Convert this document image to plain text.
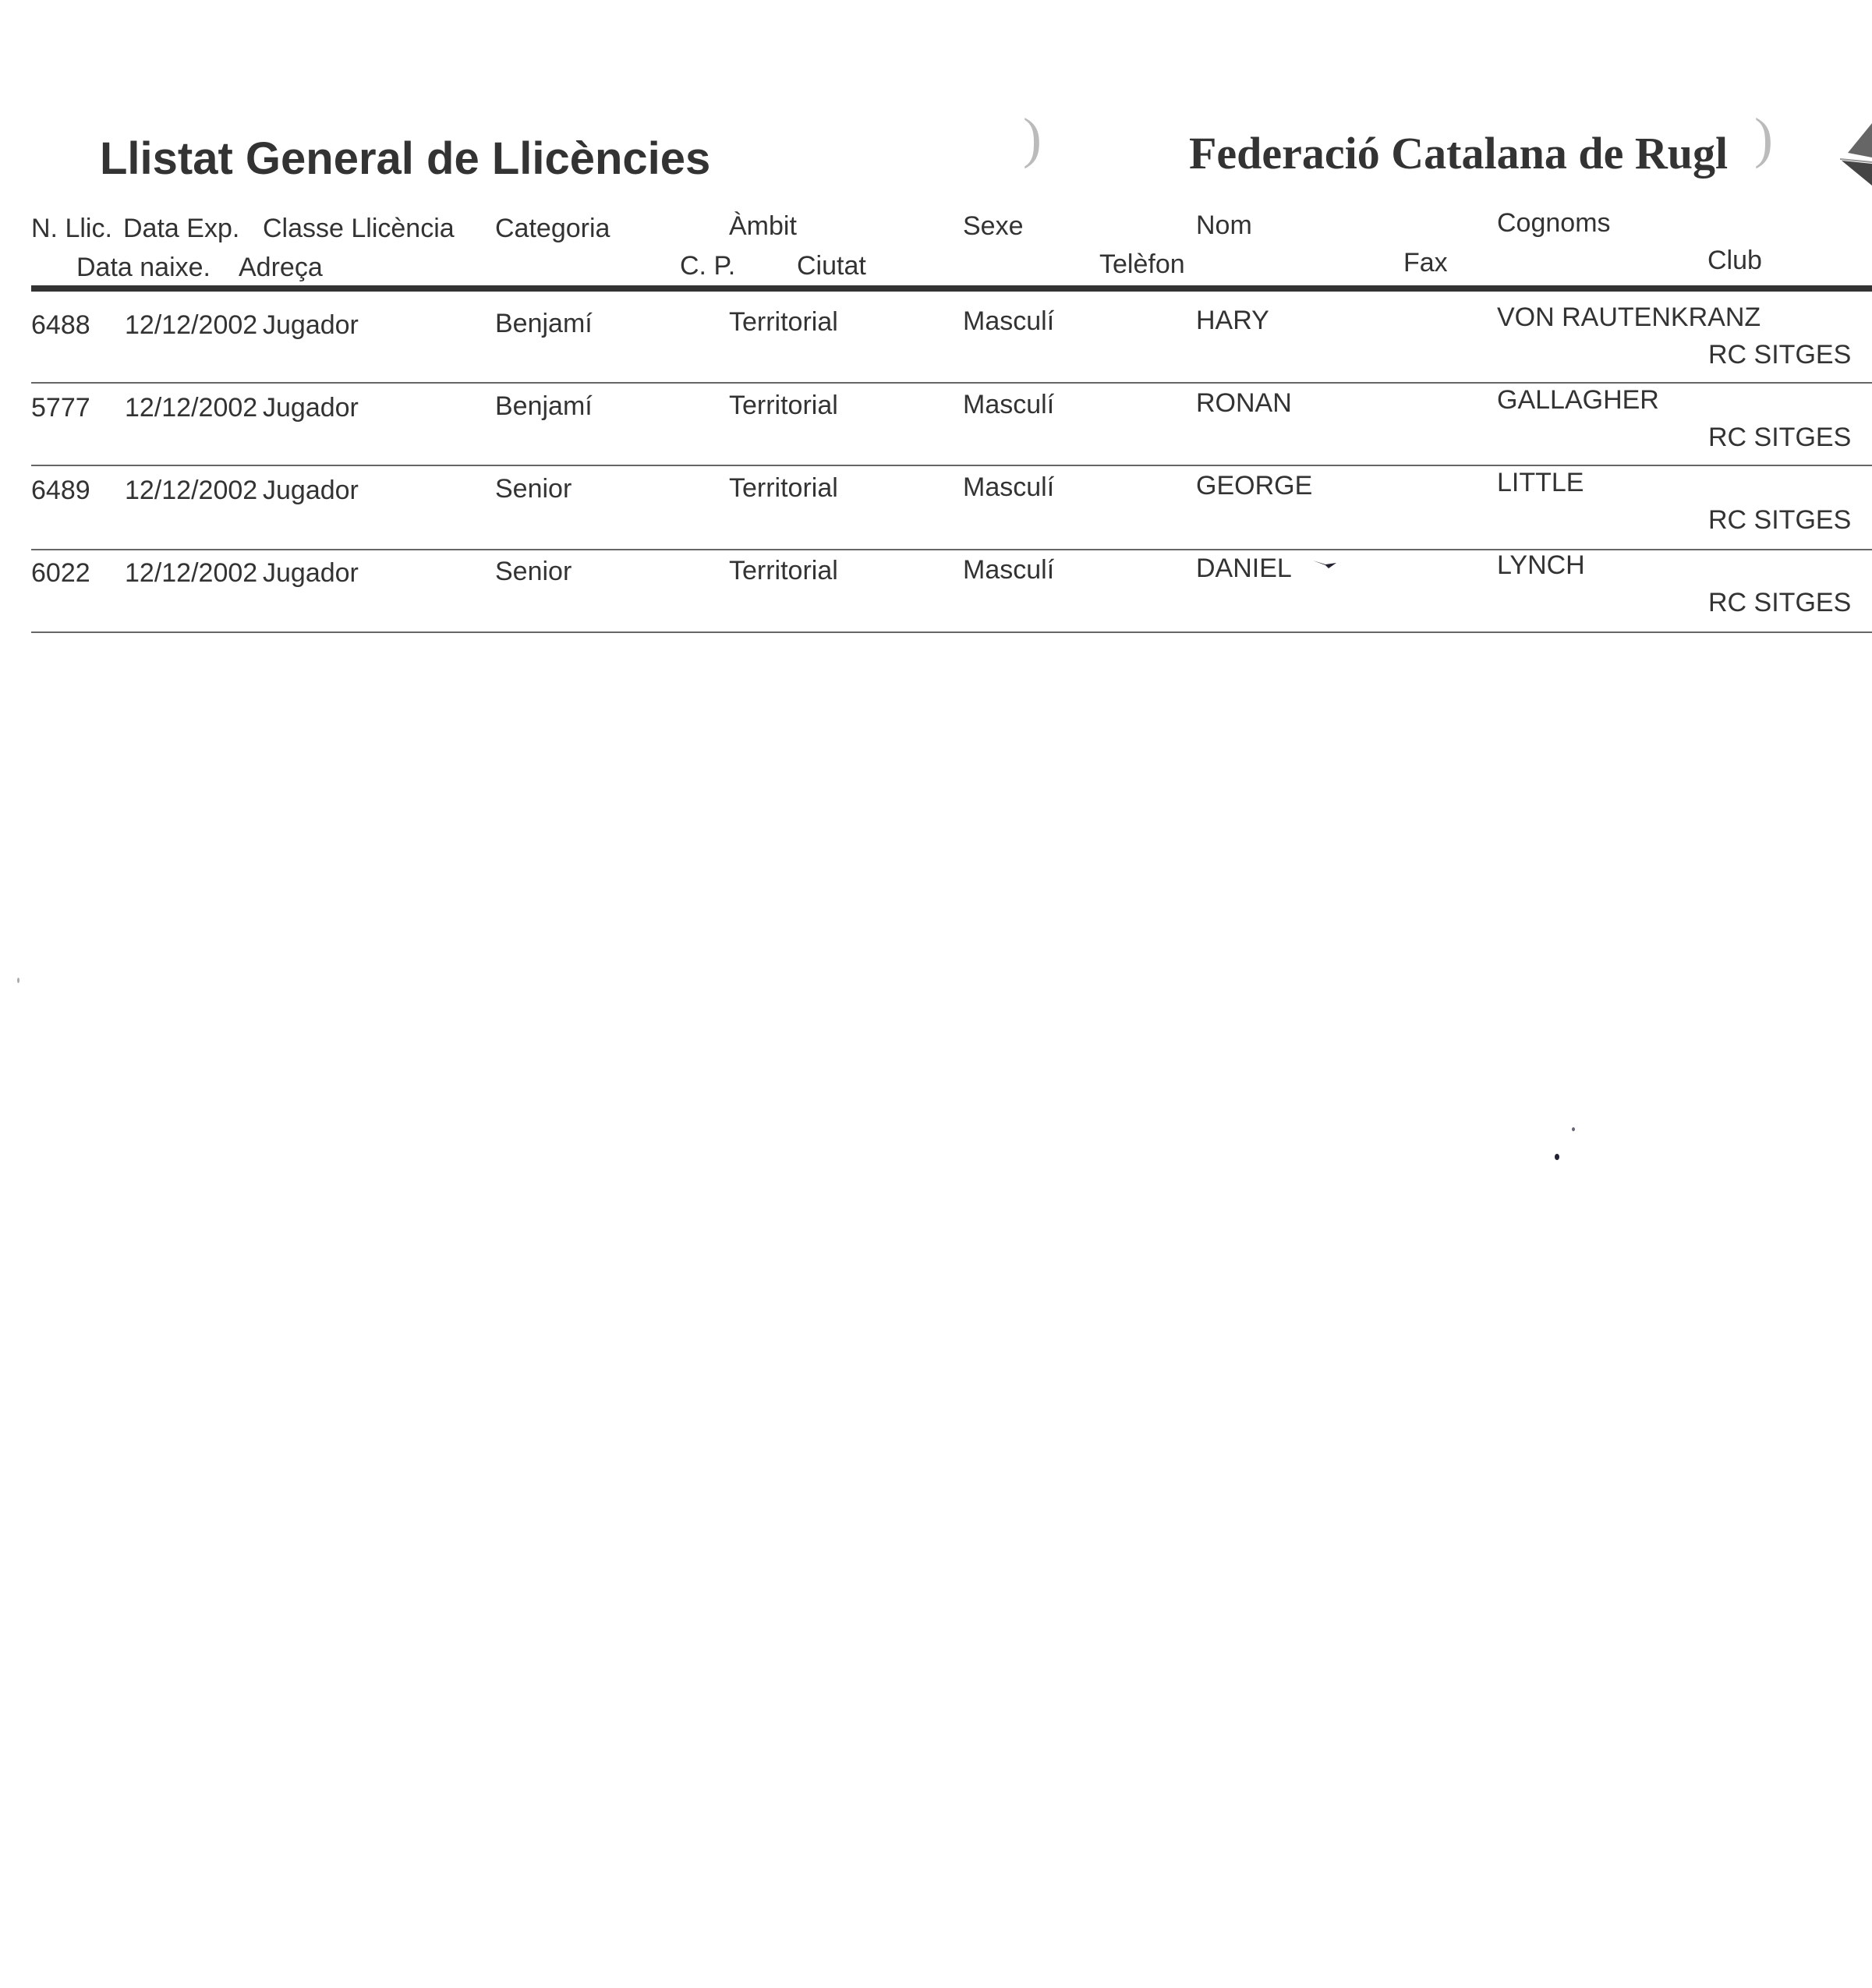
Llistat General de Llicències	)	Federació Catalana de Rugl )
N. Llic. Data Exp. Classe Llicència Categoria	Àmbit	Sexe	Nom	Cognoms
Data naixe. Adreça	C. P. Ciutat	Telèfon	Fax	Club
6488 12/12/2002 Jugador	Benjamí	Territorial	Masculí	HARY	VON RAUTENKRANZ
RC SITGES
5777 12/12/2002 Jugador	Benjamí	Territorial	Masculí	RONAN	GALLAGHER
RC SITGES
6489 12/12/2002 Jugador	Senior	Territorial	Masculí	GEORGE	LITTLE
RC SITGES
6022 12/12/2002 Jugador	Senior	Territorial	Masculí	DANIEL	LYNCH
RC SITGES
